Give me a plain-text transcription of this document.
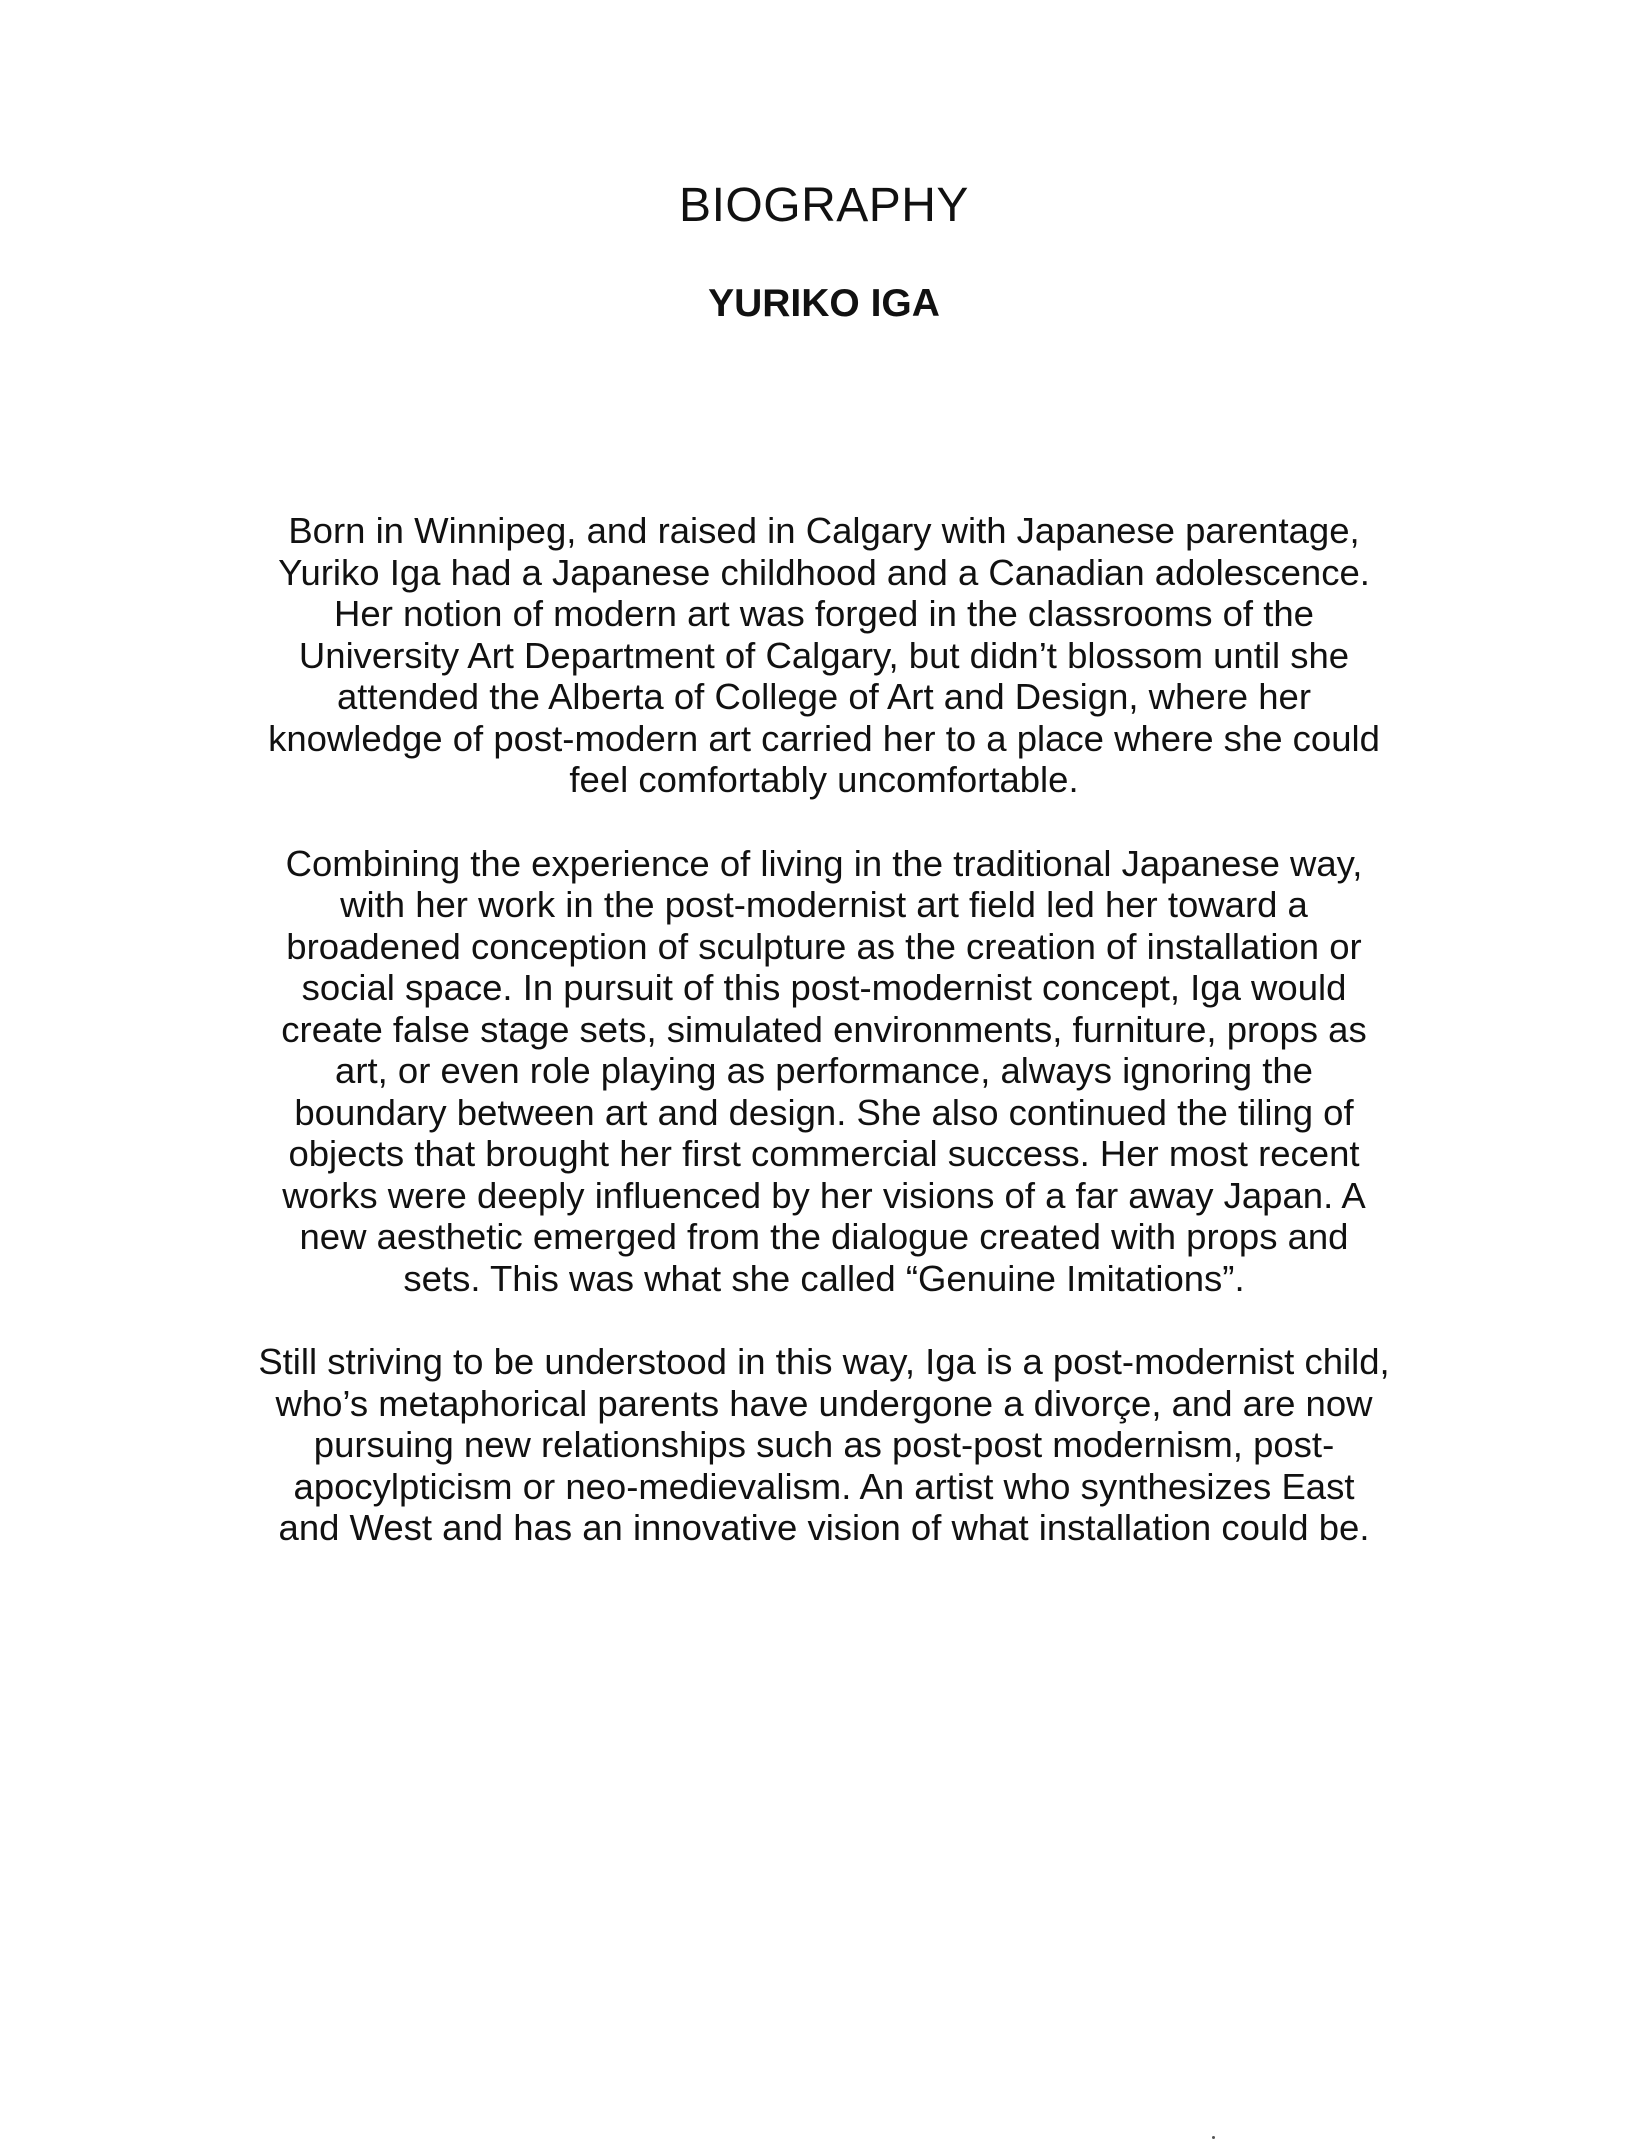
BIOGRAPHY
YURIKO IGA

Born in Winnipeg, and raised in Calgary with Japanese parentage,
Yuriko Iga had a Japanese childhood and a Canadian adolescence.
Her notion of modern art was forged in the classrooms of the
University Art Department of Calgary, but didn’t blossom until she
attended the Alberta of College of Art and Design, where her
knowledge of post-modern art carried her to a place where she could
feel comfortably uncomfortable.

Combining the experience of living in the traditional Japanese way,
with her work in the post-modernist art field led her toward a
broadened conception of sculpture as the creation of installation or
social space. In pursuit of this post-modernist concept, Iga would
create false stage sets, simulated environments, furniture, props as
art, or even role playing as performance, always ignoring the
boundary between art and design. She also continued the tiling of
objects that brought her first commercial success. Her most recent
works were deeply influenced by her visions of a far away Japan. A
new aesthetic emerged from the dialogue created with props and
sets. This was what she called “Genuine Imitations”.

Still striving to be understood in this way, Iga is a post-modernist child,
who’s metaphorical parents have undergone a divorçe, and are now
pursuing new relationships such as post-post modernism, post-
apocylpticism or neo-medievalism. An artist who synthesizes East
and West and has an innovative vision of what installation could be.
